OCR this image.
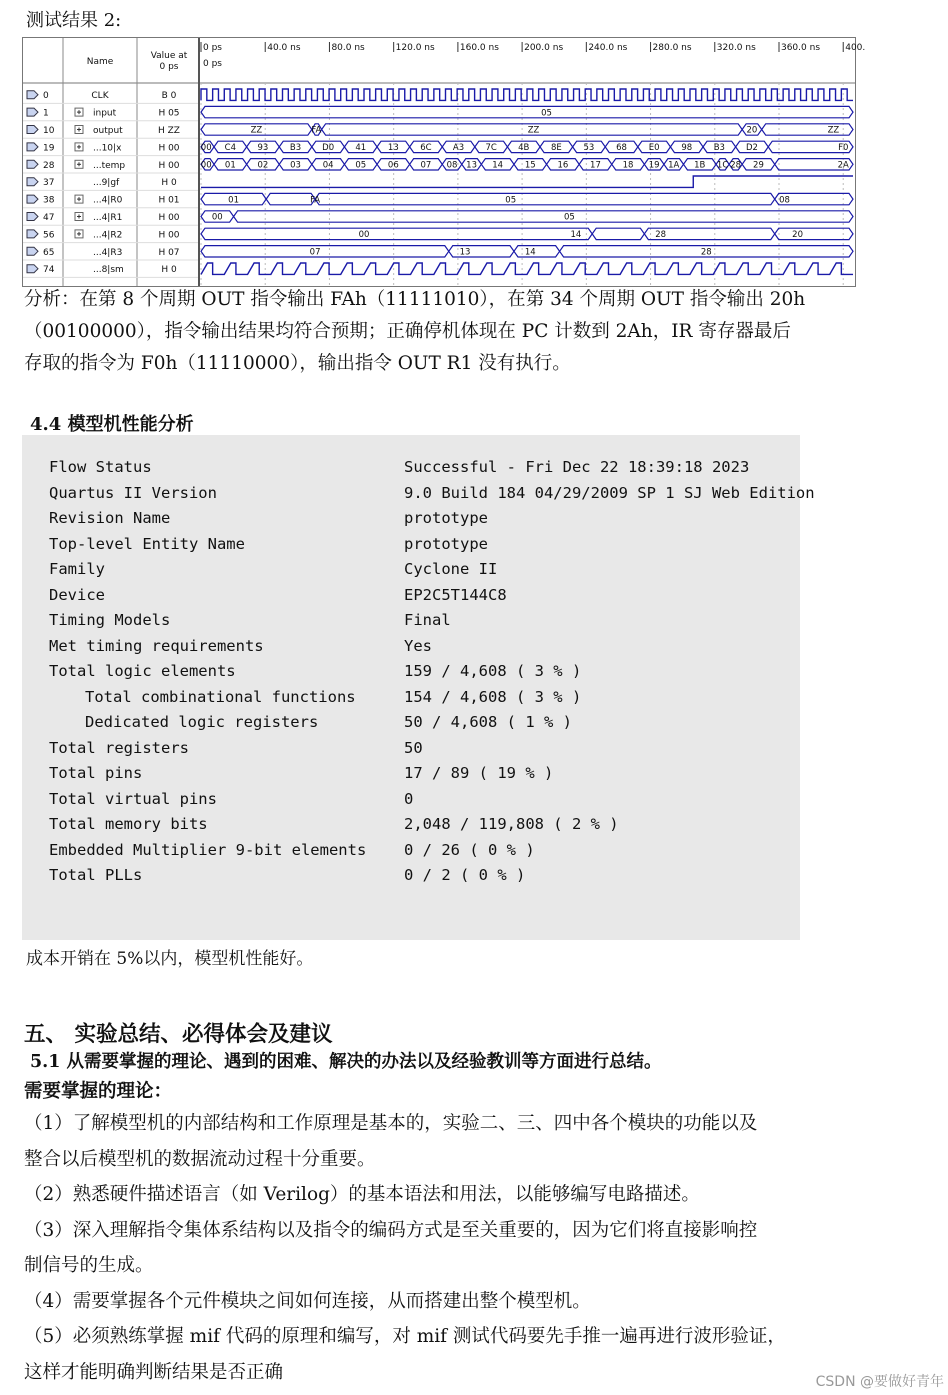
测试结果 2:
Name
Value at
0 ps
0 ps	40.0 ns	80.0 ns	120.0 ns	160.0 ns	200.0 ns	240.0 ns	280.0 ns	320.0 ns	360.0 ns	400.
0 ps
0	CLK	B 0
1	input	H 05	05
10	output	H ZZ	ZZ	FA	ZZ	20	ZZ
19	...10|x	H 00	00 C4	93	B3 D0 41	13	6C	A3	7C	4B	8E	53	68	E0	98	B3 D2	F0
28	...temp	H 00	00 01	02	03	04	05	06	07 08 13 14	15	16	17	18 19 1A 1B 1C 28 29	2A
37	...9|gf	H 0
38	...4|R0	H 01	01	FA	05	08
47	...4|R1	H 00	00	05
56	...4|R2	H 00	00	14	28	20
65	...4|R3	H 07	07	13	14	28
74	...8|sm	H 0

分析：在第 8 个周期 OUT 指令输出 FAh（11111010），在第 34 个周期 OUT 指令输出 20h

（00100000），指令输出结果均符合预期；正确停机体现在 PC 计数到 2Ah，IR 寄存器最后

存取的指令为 F0h（11110000），输出指令 OUT R1 没有执行。

4.4 模型机性能分析
Flow Status	Successful - Fri Dec 22 18:39:18 2023
Quartus II Version	9.0 Build 184 04/29/2009 SP 1 SJ Web Edition
Revision Name	prototype
Top-level Entity Name	prototype
Family	Cyclone II
Device	EP2C5T144C8
Timing Models	Final
Met timing requirements	Yes
Total logic elements	159 / 4,608 ( 3 % )
Total combinational functions	154 / 4,608 ( 3 % )
Dedicated logic registers	50 / 4,608 ( 1 % )
Total registers	50
Total pins	17 / 89 ( 19 % )
Total virtual pins	0
Total memory bits	2,048 / 119,808 ( 2 % )
Embedded Multiplier 9-bit elements 0 / 26 ( 0 % )
Total PLLs	0 / 2 ( 0 % )
成本开销在 5%以内，模型机性能好。
五、 实验总结、必得体会及建议
5.1 从需要掌握的理论、遇到的困难、解决的办法以及经验教训等方面进行总结。
需要掌握的理论：

（1）了解模型机的内部结构和工作原理是基本的，实验二、三、四中各个模块的功能以及

整合以后模型机的数据流动过程十分重要。

（2）熟悉硬件描述语言（如 Verilog）的基本语法和用法，以能够编写电路描述。

（3）深入理解指令集体系结构以及指令的编码方式是至关重要的，因为它们将直接影响控

制信号的生成。

（4）需要掌握各个元件模块之间如何连接，从而搭建出整个模型机。

（5）必须熟练掌握 mif 代码的原理和编写，对 mif 测试代码要先手推一遍再进行波形验证，

这样才能明确判断结果是否正确	CSDN @要做好青年
